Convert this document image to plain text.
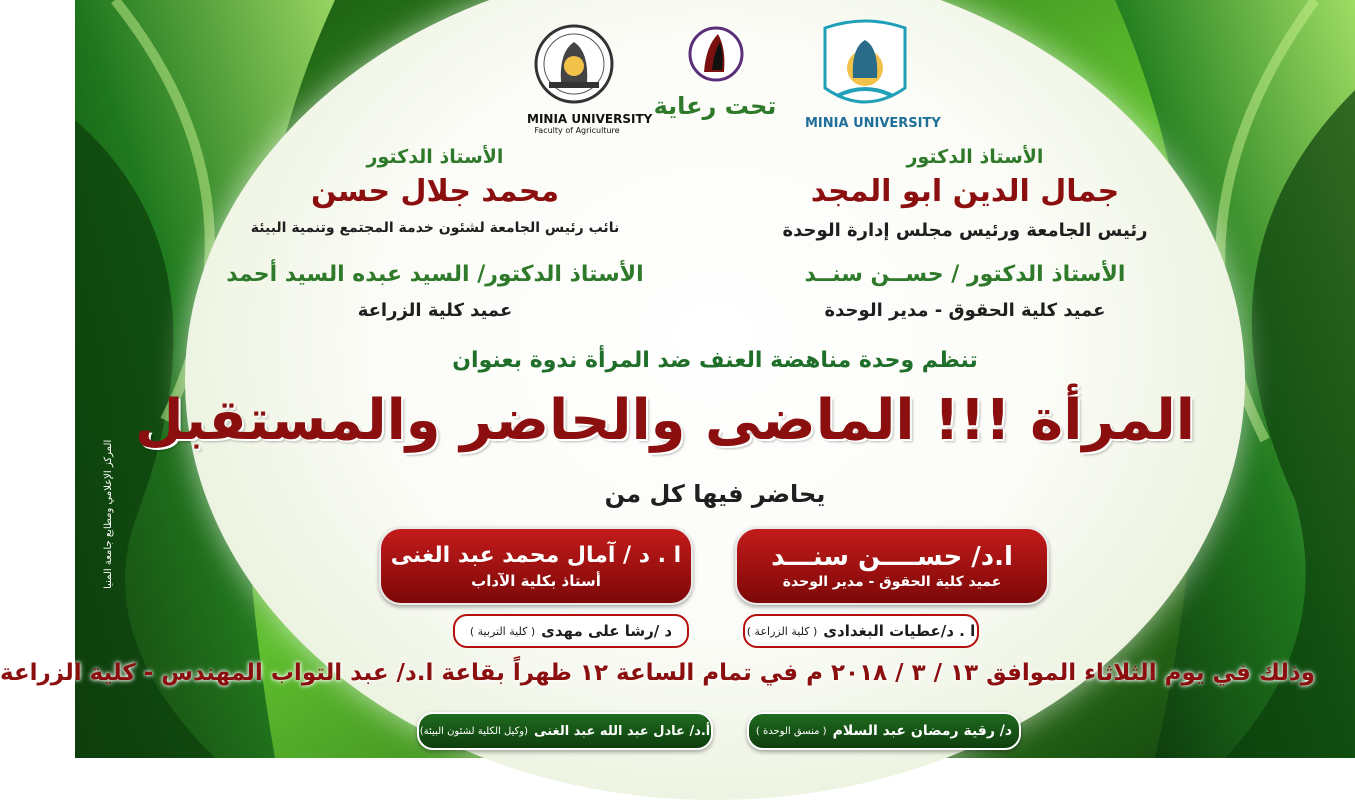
MINIA UNIVERSITY
Faculty of Agriculture
تحت رعاية
MINIA UNIVERSITY
الأستاذ الدكتور
جمال الدين ابو المجد
رئيس الجامعة ورئيس مجلس إدارة الوحدة
الأستاذ الدكتور / حســن سنــد
عميد كلية الحقوق - مدير الوحدة
الأستاذ الدكتور
محمد جلال حسن
نائب رئيس الجامعة لشئون خدمة المجتمع وتنمية البيئة
الأستاذ الدكتور/ السيد عبده السيد أحمد
عميد كلية الزراعة
تنظم وحدة مناهضة العنف ضد المرأة ندوة بعنوان
المرأة !!! الماضى والحاضر والمستقبل
يحاضر فيها كل من
ا.د/ حســــن سنـــد
عميد كلية الحقوق - مدير الوحدة
ا . د / آمال محمد عبد الغنى
أستاذ بكلية الآداب
ا . د/عطيات البغدادى
( كلية الزراعة )
د /رشا على مهدى
( كلية التربية )
وذلك في يوم الثلاثاء الموافق ١٣ / ٣ / ٢٠١٨ م في تمام الساعة ١٢ ظهراً بقاعة ا.د/ عبد التواب المهندس - كلية الزراعة
د/ رقية رمضان عبد السلام
( منسق الوحدة )
أ.د/ عادل عبد الله عبد الغنى
(وكيل الكلية لشئون البيئة)
المركز الإعلامي ومطابع جامعة المنيا
